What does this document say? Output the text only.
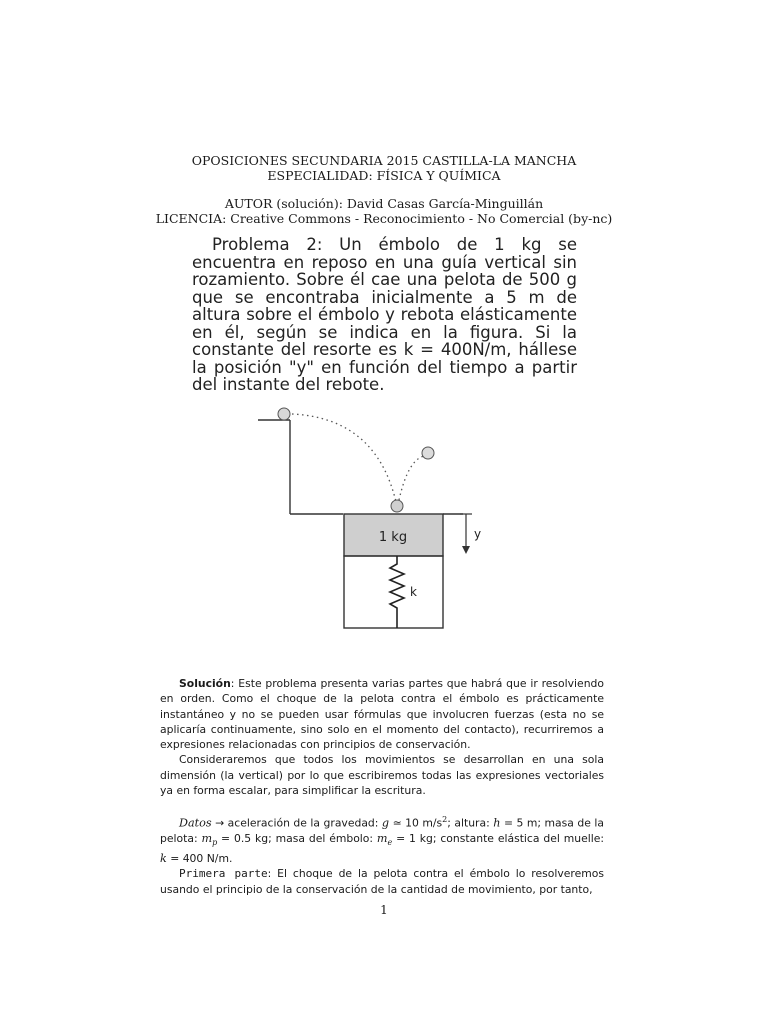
OPOSICIONES SECUNDARIA 2015 CASTILLA-LA MANCHA
ESPECIALIDAD: FÍSICA Y QUÍMICA
AUTOR (solución): David Casas García-Minguillán
LICENCIA: Creative Commons - Reconocimiento - No Comercial (by-nc)
Problema 2: Un émbolo de 1 kg se encuentra en reposo en una guía vertical sin rozamiento. Sobre él cae una pelota de 500 g que se encontraba inicialmente a 5 m de altura sobre el émbolo y rebota elásticamente en él, según se indica en la figura. Si la constante del resorte es k = 400N/m, hállese la posición "y" en función del tiempo a partir del instante del rebote.
1 kg
k
y

Solución: Este problema presenta varias partes que habrá que ir resolviendo en orden. Como el choque de la pelota contra el émbolo es prácticamente instantáneo y no se pueden usar fórmulas que involucren fuerzas (esta no se aplicaría continuamente, sino solo en el momento del contacto), recurriremos a expresiones relacionadas con principios de conservación.

Consideraremos que todos los movimientos se desarrollan en una sola dimensión (la vertical) por lo que escribiremos todas las expresiones vectoriales ya en forma escalar, para simplificar la escritura.

Datos → aceleración de la gravedad: g ≃ 10 $m/s^2$; altura: h = 5 m; masa de la pelota: $m_p = 0.5$ kg; masa del émbolo: $m_e = 1$ kg; constante elástica del muelle: k = 400 N/m.

Primera parte: El choque de la pelota contra el émbolo lo resolveremos usando el principio de la conservación de la cantidad de movimiento, por tanto,

1
